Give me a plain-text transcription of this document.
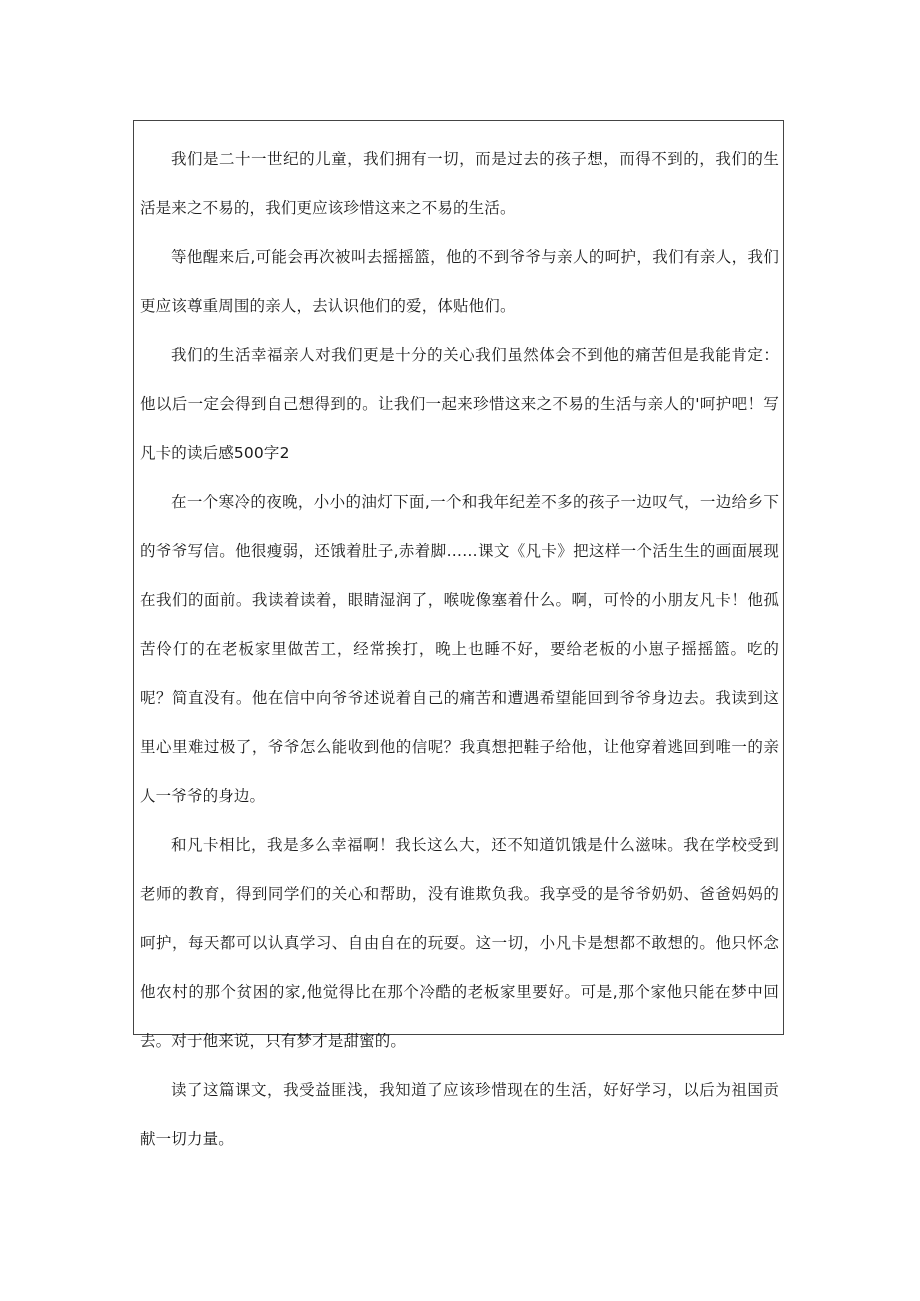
我们是二十一世纪的儿童，我们拥有一切，而是过去的孩子想，而得不到的，我们的生活是来之不易的，我们更应该珍惜这来之不易的生活。

等他醒来后,可能会再次被叫去摇摇篮，他的不到爷爷与亲人的呵护，我们有亲人，我们更应该尊重周围的亲人，去认识他们的爱，体贴他们。

我们的生活幸福亲人对我们更是十分的关心我们虽然体会不到他的痛苦但是我能肯定：他以后一定会得到自己想得到的。让我们一起来珍惜这来之不易的生活与亲人的'呵护吧！写凡卡的读后感500字2

在一个寒冷的夜晚，小小的油灯下面,一个和我年纪差不多的孩子一边叹气，一边给乡下的爷爷写信。他很瘦弱，还饿着肚子,赤着脚……课文《凡卡》把这样一个活生生的画面展现在我们的面前。我读着读着，眼睛湿润了，喉咙像塞着什么。啊，可怜的小朋友凡卡！他孤苦伶仃的在老板家里做苦工，经常挨打，晚上也睡不好，要给老板的小崽子摇摇篮。吃的呢？简直没有。他在信中向爷爷述说着自己的痛苦和遭遇希望能回到爷爷身边去。我读到这里心里难过极了，爷爷怎么能收到他的信呢？我真想把鞋子给他，让他穿着逃回到唯一的亲人一爷爷的身边。

和凡卡相比，我是多么幸福啊！我长这么大，还不知道饥饿是什么滋味。我在学校受到老师的教育，得到同学们的关心和帮助，没有谁欺负我。我享受的是爷爷奶奶、爸爸妈妈的呵护，每天都可以认真学习、自由自在的玩耍。这一切，小凡卡是想都不敢想的。他只怀念他农村的那个贫困的家,他觉得比在那个冷酷的老板家里要好。可是,那个家他只能在梦中回去。对于他来说，只有梦才是甜蜜的。

读了这篇课文，我受益匪浅，我知道了应该珍惜现在的生活，好好学习，以后为祖国贡献一切力量。
